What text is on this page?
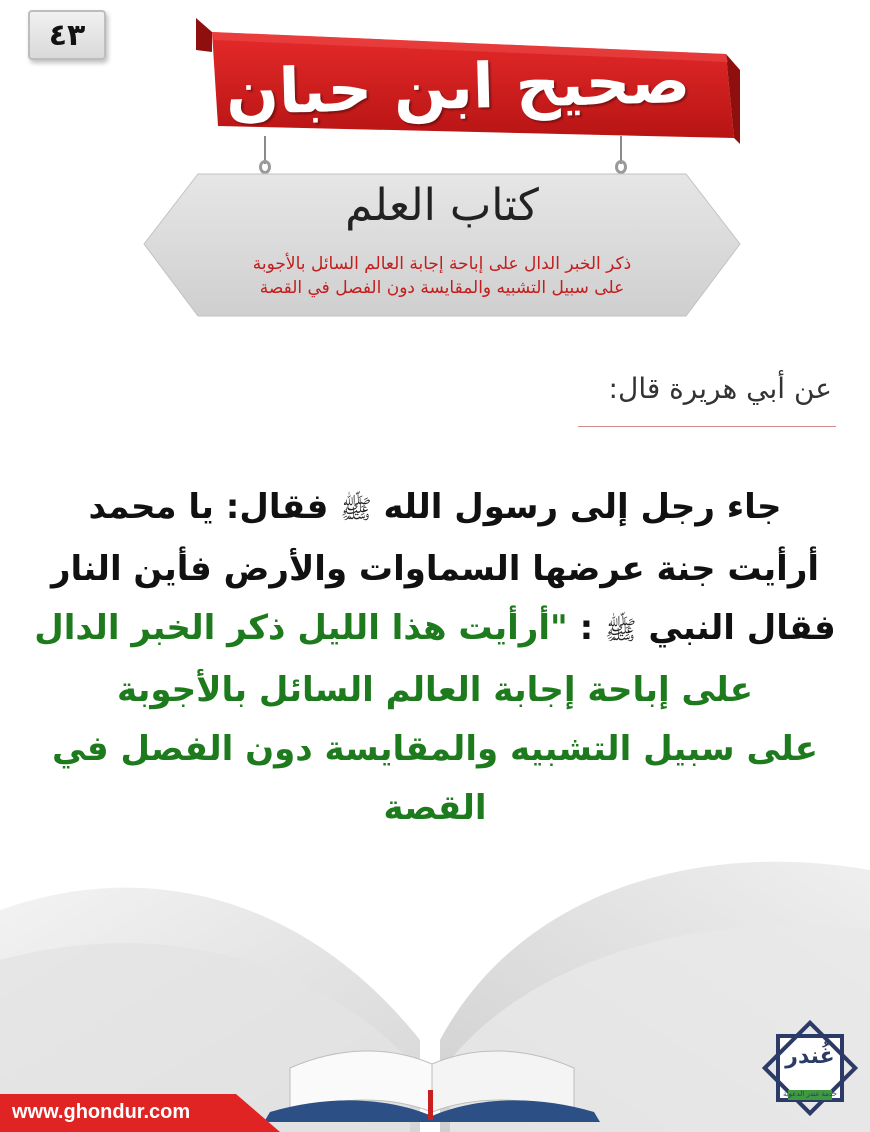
٤٣
صحيح ابن حبان
كتاب العلم
ذكر الخبر الدال على إباحة إجابة العالم السائل بالأجوبة
على سبيل التشبيه والمقايسة دون الفصل في القصة
عن أبي هريرة قال:
جاء رجل إلى رسول الله ﷺ فقال: يا محمد
أرأيت جنة عرضها السماوات والأرض فأين النار
فقال النبي ﷺ : "أرأيت هذا الليل ذكر الخبر الدال
على إباحة إجابة العالم السائل بالأجوبة
على سبيل التشبيه والمقايسة دون الفصل في القصة
www.ghondur.com
غُندر
خدمة غندر الدعوية
